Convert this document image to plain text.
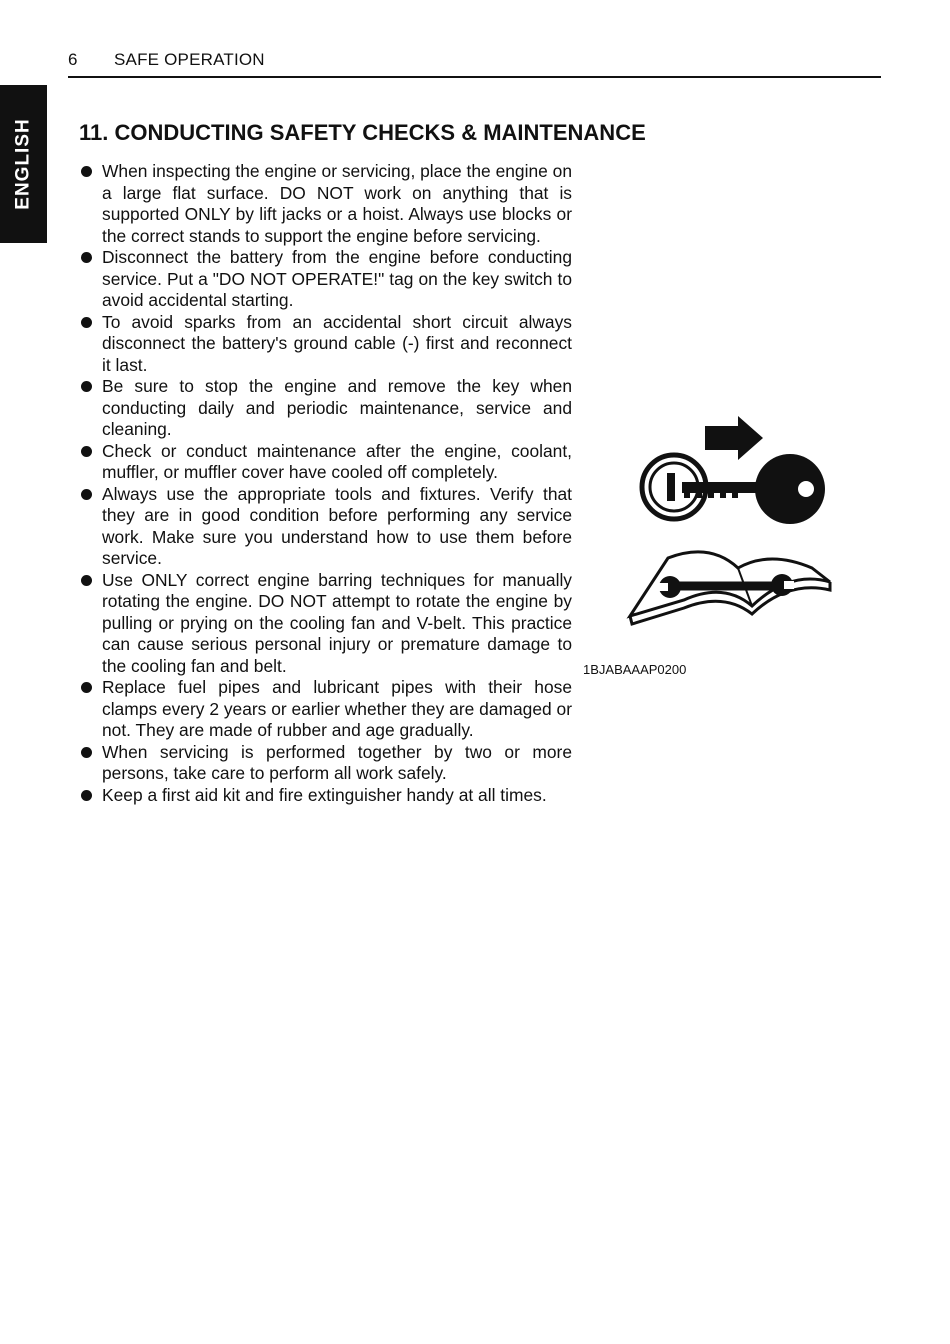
6 SAFE OPERATION
ENGLISH 11. CONDUCTING SAFETY CHECKS & MAINTENANCE
When inspecting the engine or servicing, place the engine on a large flat surface. DO NOT work on anything that is supported ONLY by lift jacks or a hoist. Always use blocks or the correct stands to support the engine before servicing.
Disconnect the battery from the engine before conducting service. Put a "DO NOT OPERATE!" tag on the key switch to avoid accidental starting.
To avoid sparks from an accidental short circuit always disconnect the battery's ground cable (-) first and reconnect it last.
Be sure to stop the engine and remove the key when conducting daily and periodic maintenance, service and cleaning.
Check or conduct maintenance after the engine, coolant, muffler, or muffler cover have cooled off completely.
Always use the appropriate tools and fixtures. Verify that they are in good condition before performing any service work. Make sure you understand how to use them before service.
Use ONLY correct engine barring techniques for manually rotating the engine. DO NOT attempt to rotate the engine by pulling or prying on the cooling fan and V-belt. This practice can cause serious personal injury or premature damage to the cooling fan and belt.
Replace fuel pipes and lubricant pipes with their hose clamps every 2 years or earlier whether they are damaged or not. They are made of rubber and age gradually.
When servicing is performed together by two or more persons, take care to perform all work safely.
Keep a first aid kit and fire extinguisher handy at all times.
1BJABAAAP0200
